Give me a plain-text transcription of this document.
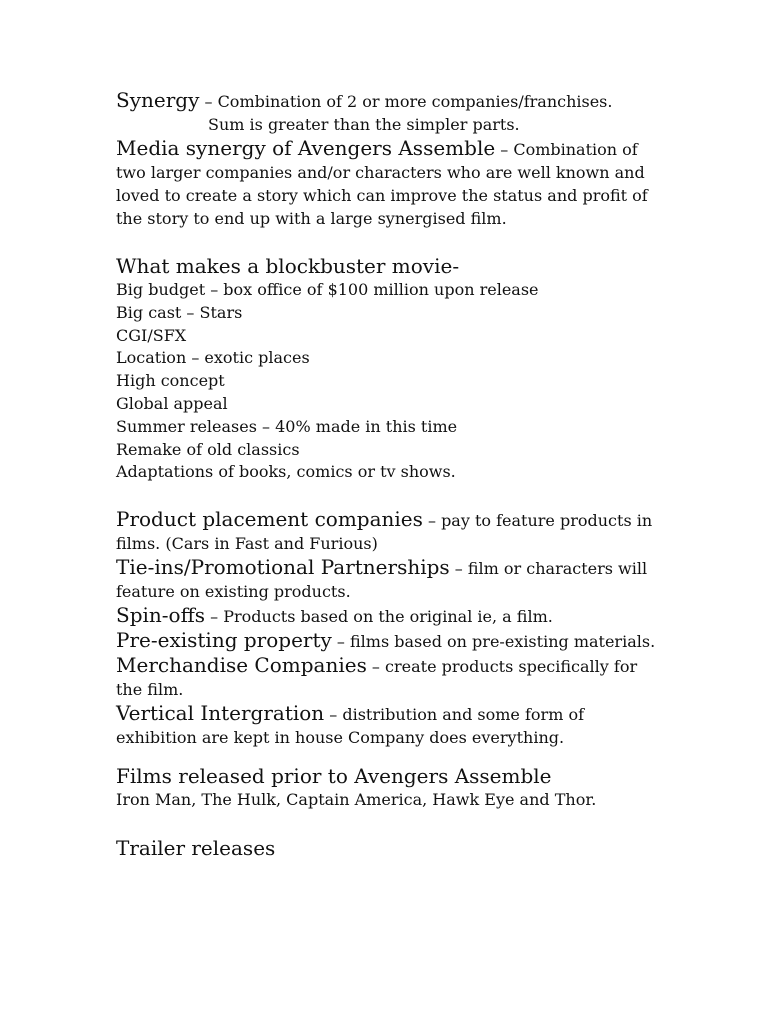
Synergy – Combination of 2 or more companies/franchises.

Sum is greater than the simpler parts.

Media synergy of Avengers Assemble – Combination of two larger companies and/or characters who are well known and loved to create a story which can improve the status and profit of the story to end up with a large synergised film.

What makes a blockbuster movie-

Big budget – box office of $100 million upon release
Big cast – Stars
CGI/SFX
Location – exotic places
High concept
Global appeal
Summer releases – 40% made in this time
Remake of old classics
Adaptations of books, comics or tv shows.

Product placement companies – pay to feature products in films. (Cars in Fast and Furious)

Tie-ins/Promotional Partnerships – film or characters will feature on existing products.

Spin-offs – Products based on the original ie, a film.

Pre-existing property – films based on pre-existing materials.

Merchandise Companies – create products specifically for the film.

Vertical Intergration – distribution and some form of exhibition are kept in house Company does everything.

Films released prior to Avengers Assemble

Iron Man, The Hulk, Captain America, Hawk Eye and Thor.

Trailer releases
